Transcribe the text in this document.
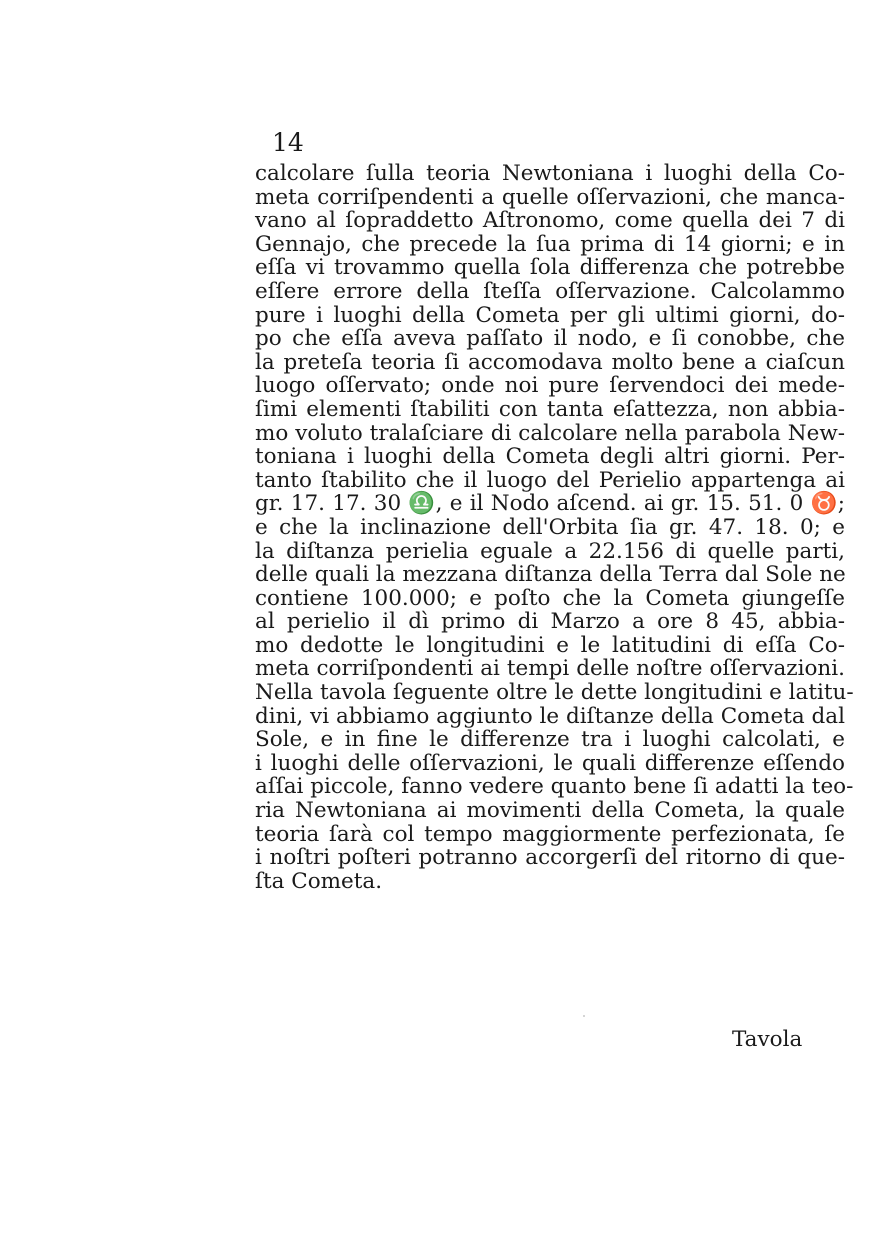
14
calcolare ſulla teoria Newtoniana i luoghi della Co-
meta corriſpendenti a quelle oſſervazioni, che manca-
vano al ſopraddetto Aſtronomo, come quella dei 7 di
Gennajo, che precede la ſua prima di 14 giorni; e in
eſſa vi trovammo quella ſola differenza che potrebbe
eſſere errore della ſteſſa oſſervazione. Calcolammo
pure i luoghi della Cometa per gli ultimi giorni, do-
po che eſſa aveva paſſato il nodo, e ſi conobbe, che
la preteſa teoria ſi accomodava molto bene a ciaſcun
luogo oſſervato; onde noi pure ſervendoci dei mede-
ſimi elementi ſtabiliti con tanta eſattezza, non abbia-
mo voluto tralaſciare di calcolare nella parabola New-
toniana i luoghi della Cometa degli altri giorni. Per-
tanto ſtabilito che il luogo del Perielio appartenga ai
gr. 17. 17. 30 ♎, e il Nodo aſcend. ai gr. 15. 51. 0 ♉;
e che la inclinazione dell'Orbita ſia gr. 47. 18. 0; e
la diſtanza perielia eguale a 22.156 di quelle parti,
delle quali la mezzana diſtanza della Terra dal Sole ne
contiene 100.000; e poſto che la Cometa giungeſſe
al perielio il dì primo di Marzo a ore 8 45, abbia-
mo dedotte le longitudini e le latitudini di eſſa Co-
meta corriſpondenti ai tempi delle noſtre oſſervazioni.
Nella tavola ſeguente oltre le dette longitudini e latitu-
dini, vi abbiamo aggiunto le diſtanze della Cometa dal
Sole, e in fine le differenze tra i luoghi calcolati, e
i luoghi delle oſſervazioni, le quali differenze eſſendo
aſſai piccole, fanno vedere quanto bene ſi adatti la teo-
ria Newtoniana ai movimenti della Cometa, la quale
teoria ſarà col tempo maggiormente perfezionata, ſe
i noſtri poſteri potranno accorgerſi del ritorno di que-
ſta Cometa.
Tavola
